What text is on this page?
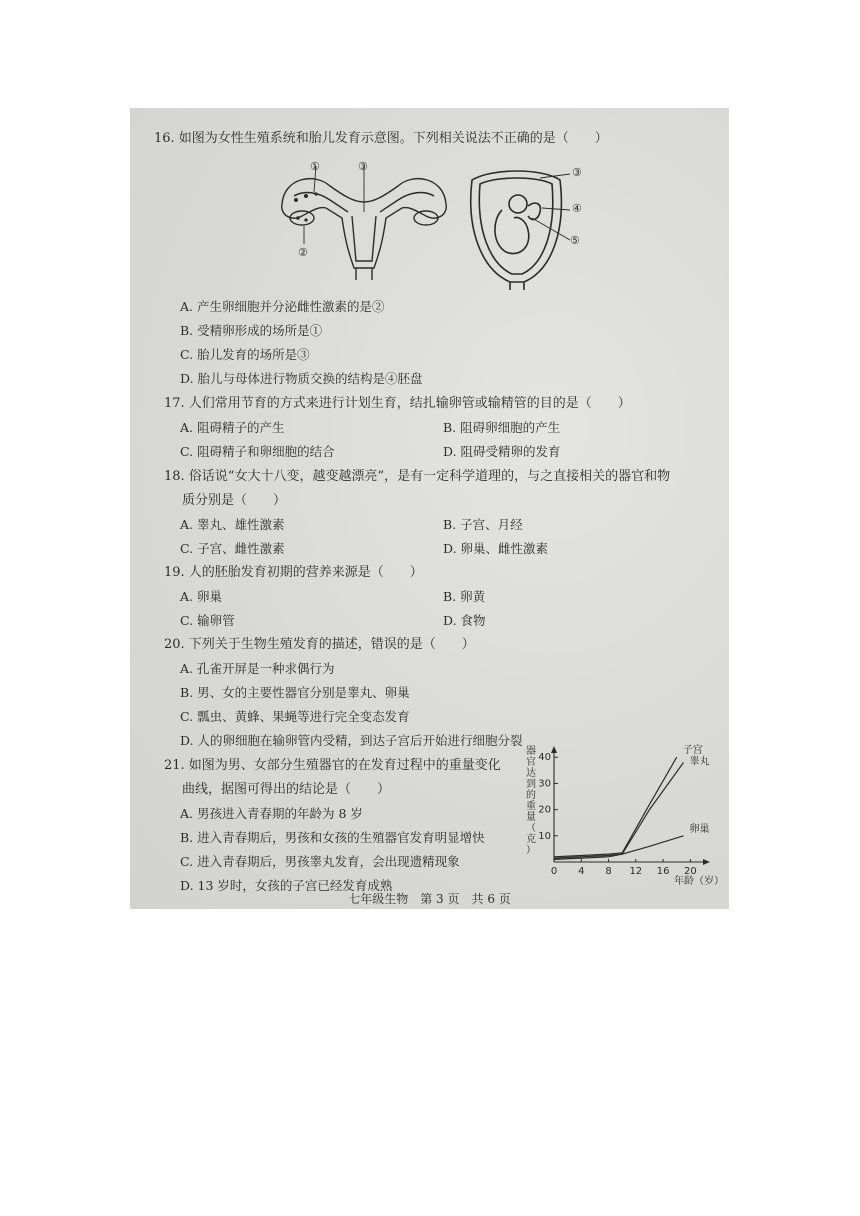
16. 如图为女性生殖系统和胎儿发育示意图。下列相关说法不正确的是（　　）
①	③
②
③
④
⑤
A. 产生卵细胞并分泌雌性激素的是②
B. 受精卵形成的场所是①
C. 胎儿发育的场所是③
D. 胎儿与母体进行物质交换的结构是④胚盘
17. 人们常用节育的方式来进行计划生育，结扎输卵管或输精管的目的是（　　）
A. 阻碍精子的产生	B. 阻碍卵细胞的产生
C. 阻碍精子和卵细胞的结合	D. 阻碍受精卵的发育
18. 俗话说“女大十八变，越变越漂亮”，是有一定科学道理的，与之直接相关的器官和物
质分别是（　　）
A. 睾丸、雄性激素	B. 子宫、月经
C. 子宫、雌性激素	D. 卵巢、雌性激素
19. 人的胚胎发育初期的营养来源是（　　）
A. 卵巢	B. 卵黄
C. 输卵管	D. 食物
20. 下列关于生物生殖发育的描述，错误的是（　　）
A. 孔雀开屏是一种求偶行为
B. 男、女的主要性器官分别是睾丸、卵巢
C. 瓢虫、黄蜂、果蝇等进行完全变态发育
D. 人的卵细胞在输卵管内受精，到达子宫后开始进行细胞分裂
21. 如图为男、女部分生殖器官的在发育过程中的重量变化
曲线，据图可得出的结论是（　　）
A. 男孩进入青春期的年龄为 8 岁
B. 进入青春期后，男孩和女孩的生殖器官发育明显增快
C. 进入青春期后，男孩睾丸发育，会出现遗精现象
D. 13 岁时，女孩的子宫已经发育成熟
器
官
达
到
的
重
量
（
克
）
10
20
30
40
0 4 8 12 16 20
子宫
睾丸
卵巢
年龄（岁）
七年级生物　第 3 页　共 6 页
